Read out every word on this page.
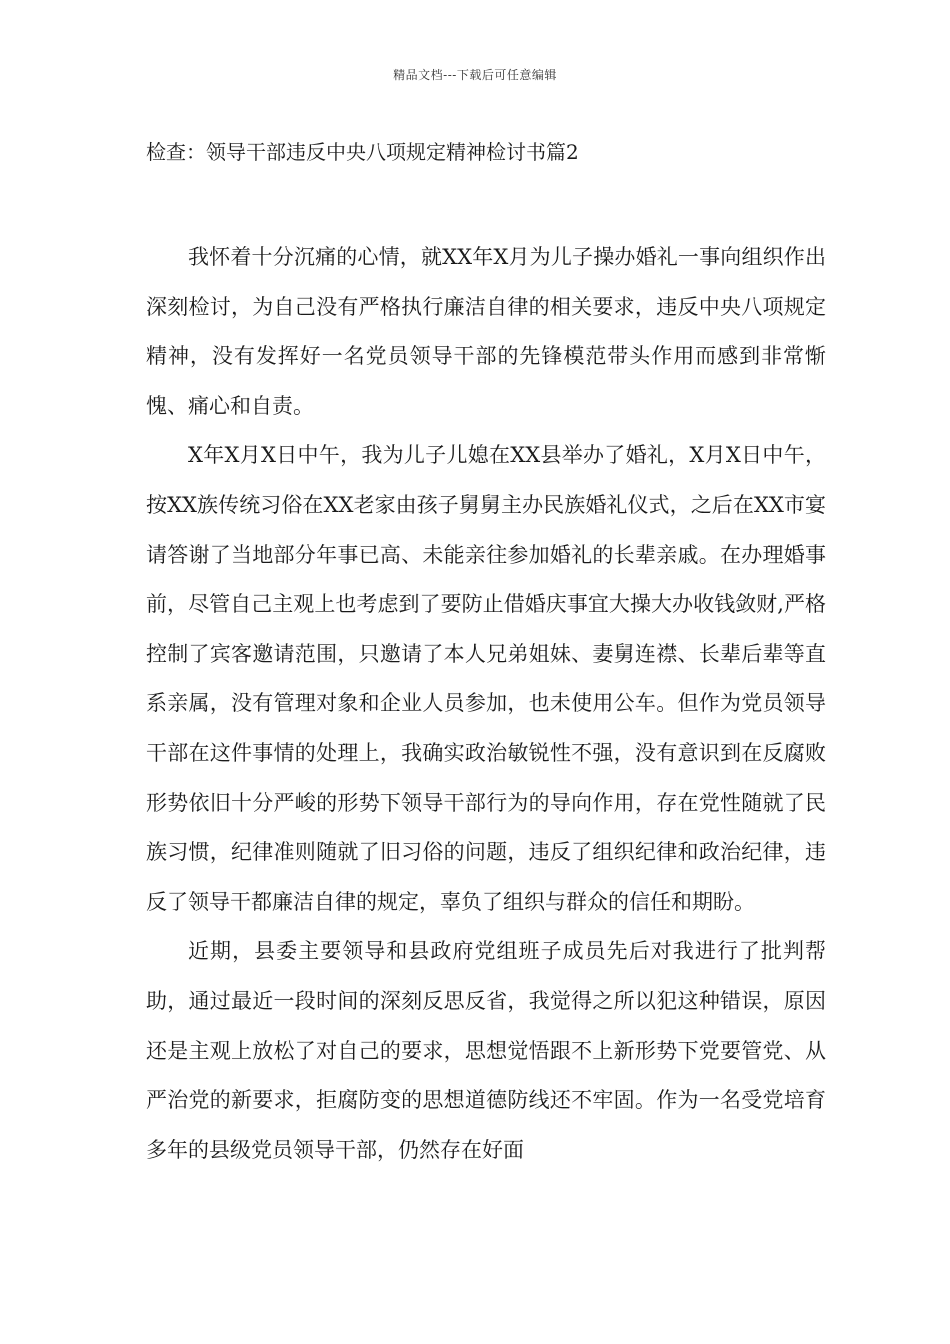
精品文档---下载后可任意编辑
检查：领导干部违反中央八项规定精神检讨书篇2

我怀着十分沉痛的心情，就XX年X月为儿子操办婚礼一事向组织作出深刻检讨，为自己没有严格执行廉洁自律的相关要求，违反中央八项规定精神，没有发挥好一名党员领导干部的先锋模范带头作用而感到非常惭愧、痛心和自责。

X年X月X日中午，我为儿子儿媳在XX县举办了婚礼，X月X日中午，按XX族传统习俗在XX老家由孩子舅舅主办民族婚礼仪式，之后在XX市宴请答谢了当地部分年事已高、未能亲往参加婚礼的长辈亲戚。在办理婚事前，尽管自己主观上也考虑到了要防止借婚庆事宜大操大办收钱敛财,严格控制了宾客邀请范围，只邀请了本人兄弟姐妹、妻舅连襟、长辈后辈等直系亲属，没有管理对象和企业人员参加，也未使用公车。但作为党员领导干部在这件事情的处理上，我确实政治敏锐性不强，没有意识到在反腐败形势依旧十分严峻的形势下领导干部行为的导向作用，存在党性随就了民族习惯，纪律准则随就了旧习俗的问题，违反了组织纪律和政治纪律，违反了领导干都廉洁自律的规定，辜负了组织与群众的信任和期盼。

近期，县委主要领导和县政府党组班子成员先后对我进行了批判帮助，通过最近一段时间的深刻反思反省，我觉得之所以犯这种错误，原因还是主观上放松了对自己的要求，思想觉悟跟不上新形势下党要管党、从严治党的新要求，拒腐防变的思想道德防线还不牢固。作为一名受党培育多年的县级党员领导干部，仍然存在好面
